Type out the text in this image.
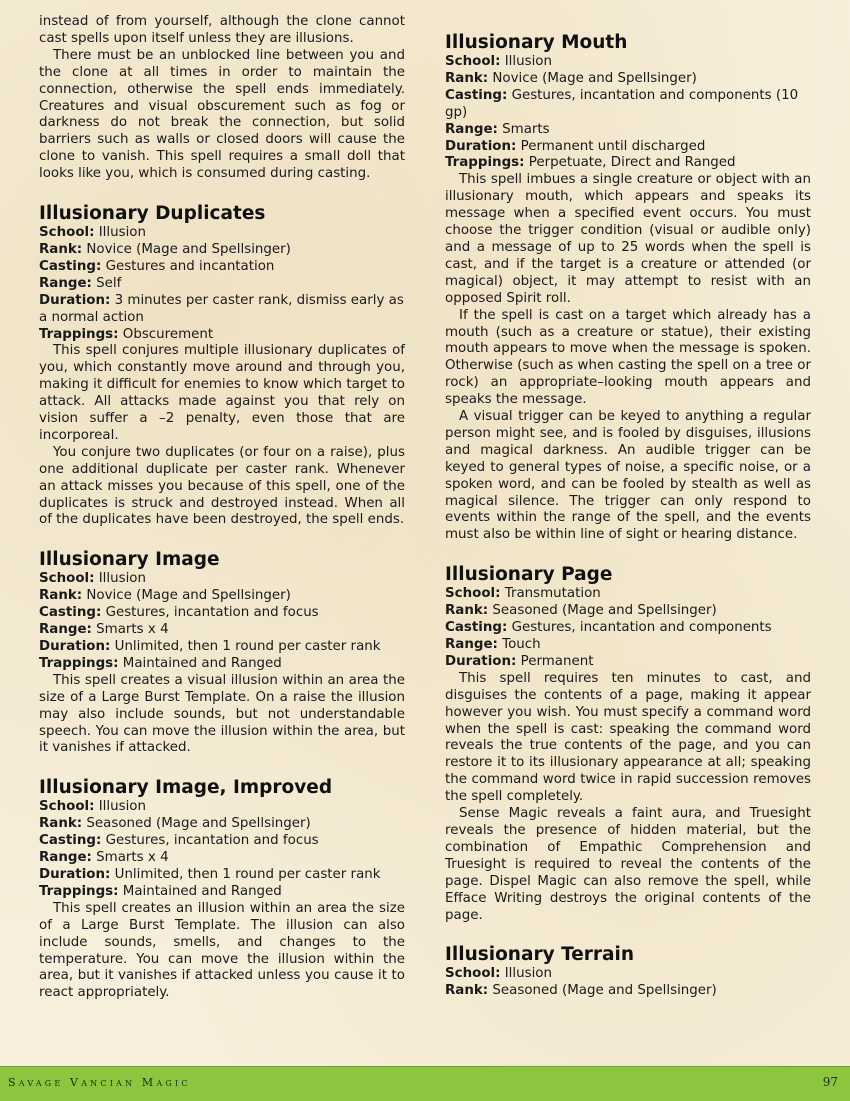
instead of from yourself, although the clone cannot cast spells upon itself unless they are illusions.

There must be an unblocked line between you and the clone at all times in order to maintain the connection, otherwise the spell ends immediately. Creatures and visual obscurement such as fog or darkness do not break the connection, but solid barriers such as walls or closed doors will cause the clone to vanish. This spell requires a small doll that looks like you, which is consumed during casting.

Illusionary Duplicates
School: Illusion
Rank: Novice (Mage and Spellsinger)
Casting: Gestures and incantation
Range: Self
Duration: 3 minutes per caster rank, dismiss early as a normal action
Trappings: Obscurement

This spell conjures multiple illusionary duplicates of you, which constantly move around and through you, making it difficult for enemies to know which target to attack. All attacks made against you that rely on vision suffer a –2 penalty, even those that are incorporeal.

You conjure two duplicates (or four on a raise), plus one additional duplicate per caster rank. Whenever an attack misses you because of this spell, one of the duplicates is struck and destroyed instead. When all of the duplicates have been destroyed, the spell ends.

Illusionary Image
School: Illusion
Rank: Novice (Mage and Spellsinger)
Casting: Gestures, incantation and focus
Range: Smarts x 4
Duration: Unlimited, then 1 round per caster rank
Trappings: Maintained and Ranged

This spell creates a visual illusion within an area the size of a Large Burst Template. On a raise the illusion may also include sounds, but not understandable speech. You can move the illusion within the area, but it vanishes if attacked.

Illusionary Image, Improved
School: Illusion
Rank: Seasoned (Mage and Spellsinger)
Casting: Gestures, incantation and focus
Range: Smarts x 4
Duration: Unlimited, then 1 round per caster rank
Trappings: Maintained and Ranged

This spell creates an illusion within an area the size of a Large Burst Template. The illusion can also include sounds, smells, and changes to the temperature. You can move the illusion within the area, but it vanishes if attacked unless you cause it to react appropriately.

Illusionary Mouth
School: Illusion
Rank: Novice (Mage and Spellsinger)
Casting: Gestures, incantation and components (10 gp)
Range: Smarts
Duration: Permanent until discharged
Trappings: Perpetuate, Direct and Ranged

This spell imbues a single creature or object with an illusionary mouth, which appears and speaks its message when a specified event occurs. You must choose the trigger condition (visual or audible only) and a message of up to 25 words when the spell is cast, and if the target is a creature or attended (or magical) object, it may attempt to resist with an opposed Spirit roll.

If the spell is cast on a target which already has a mouth (such as a creature or statue), their existing mouth appears to move when the message is spoken. Otherwise (such as when casting the spell on a tree or rock) an appropriate–looking mouth appears and speaks the message.

A visual trigger can be keyed to anything a regular person might see, and is fooled by disguises, illusions and magical darkness. An audible trigger can be keyed to general types of noise, a specific noise, or a spoken word, and can be fooled by stealth as well as magical silence. The trigger can only respond to events within the range of the spell, and the events must also be within line of sight or hearing distance.

Illusionary Page
School: Transmutation
Rank: Seasoned (Mage and Spellsinger)
Casting: Gestures, incantation and components
Range: Touch
Duration: Permanent

This spell requires ten minutes to cast, and disguises the contents of a page, making it appear however you wish. You must specify a command word when the spell is cast: speaking the command word reveals the true contents of the page, and you can restore it to its illusionary appearance at all; speaking the command word twice in rapid succession removes the spell completely.

Sense Magic reveals a faint aura, and Truesight reveals the presence of hidden material, but the combination of Empathic Comprehension and Truesight is required to reveal the contents of the page. Dispel Magic can also remove the spell, while Efface Writing destroys the original contents of the page.

Illusionary Terrain
School: Illusion
Rank: Seasoned (Mage and Spellsinger)
Savage Vancian Magic	97
